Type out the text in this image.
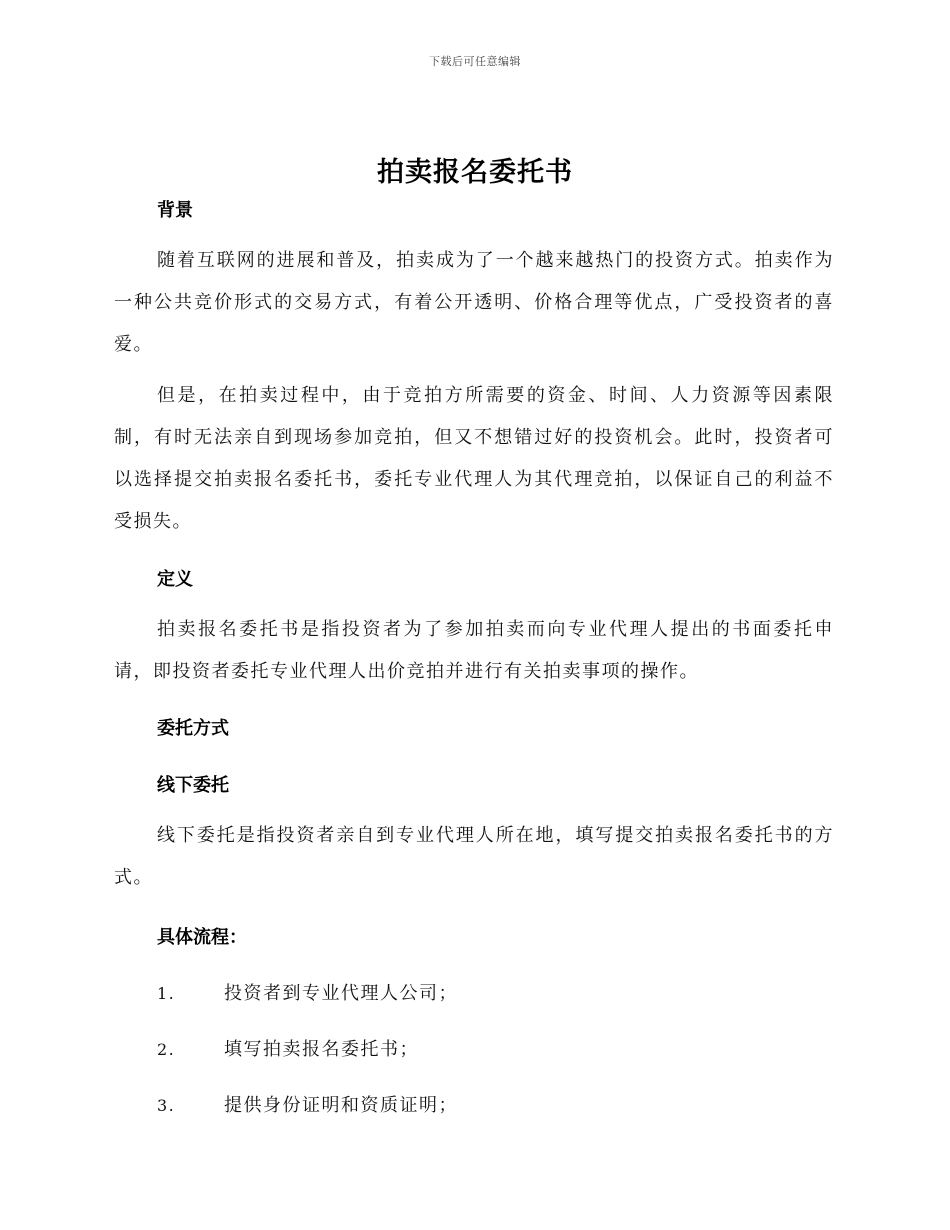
下载后可任意编辑
拍卖报名委托书
背景

随着互联网的进展和普及，拍卖成为了一个越来越热门的投资方式。拍卖作为一种公共竞价形式的交易方式，有着公开透明、价格合理等优点，广受投资者的喜爱。

但是，在拍卖过程中，由于竞拍方所需要的资金、时间、人力资源等因素限制，有时无法亲自到现场参加竞拍，但又不想错过好的投资机会。此时，投资者可以选择提交拍卖报名委托书，委托专业代理人为其代理竞拍，以保证自己的利益不受损失。

定义

拍卖报名委托书是指投资者为了参加拍卖而向专业代理人提出的书面委托申请，即投资者委托专业代理人出价竞拍并进行有关拍卖事项的操作。

委托方式
线下委托

线下委托是指投资者亲自到专业代理人所在地，填写提交拍卖报名委托书的方式。

具体流程：
1.	投资者到专业代理人公司；
2.	填写拍卖报名委托书；
3.	提供身份证明和资质证明；
